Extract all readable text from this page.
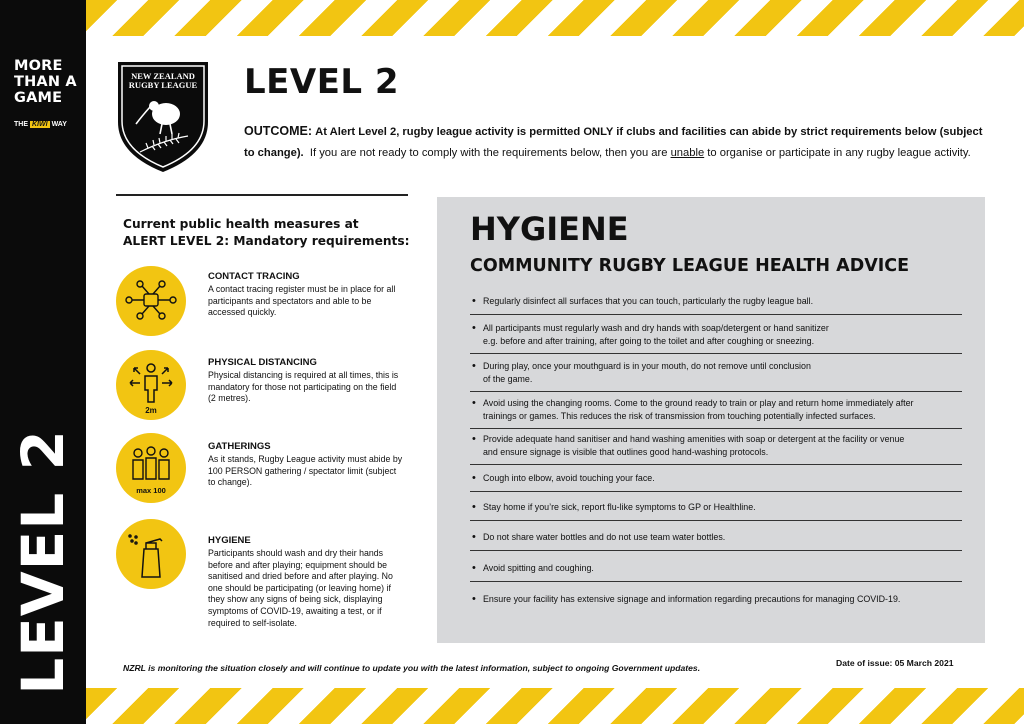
MORE
THAN A
GAME
THE KIWI WAY
LEVEL 2
NEW ZEALAND
RUGBY LEAGUE	LEVEL 2
OUTCOME: At Alert Level 2, rugby league activity is permitted ONLY if clubs and facilities can abide by strict requirements below (subject to change). If you are not ready to comply with the requirements below, then you are unable to organise or participate in any rugby league activity.
Current public health measures at
ALERT LEVEL 2: Mandatory requirements:
CONTACT TRACING
A contact tracing register must be in place for all participants and spectators and able to be accessed quickly.
2m
PHYSICAL DISTANCING
Physical distancing is required at all times, this is mandatory for those not participating on the field (2 metres).
max 100
GATHERINGS
As it stands, Rugby League activity must abide by 100 PERSON gathering / spectator limit (subject to change).
HYGIENE
Participants should wash and dry their hands before and after playing; equipment should be sanitised and dried before and after playing. No one should be participating (or leaving home) if they show any signs of being sick, displaying symptoms of COVID-19, awaiting a test, or if required to self-isolate.
HYGIENE
COMMUNITY RUGBY LEAGUE HEALTH ADVICE
• Regularly disinfect all surfaces that you can touch, particularly the rugby league ball.
• All participants must regularly wash and dry hands with soap/detergent or hand sanitizer
e.g. before and after training, after going to the toilet and after coughing or sneezing.
• During play, once your mouthguard is in your mouth, do not remove until conclusion
of the game.
• Avoid using the changing rooms. Come to the ground ready to train or play and return home immediately after
trainings or games. This reduces the risk of transmission from touching potentially infected surfaces.
• Provide adequate hand sanitiser and hand washing amenities with soap or detergent at the facility or venue
and ensure signage is visible that outlines good hand-washing protocols.
• Cough into elbow, avoid touching your face.
• Stay home if you’re sick, report flu-like symptoms to GP or Healthline.
• Do not share water bottles and do not use team water bottles.
• Avoid spitting and coughing.
• Ensure your facility has extensive signage and information regarding precautions for managing COVID-19.
NZRL is monitoring the situation closely and will continue to update you with the latest information, subject to ongoing Government updates.	Date of issue: 05 March 2021
